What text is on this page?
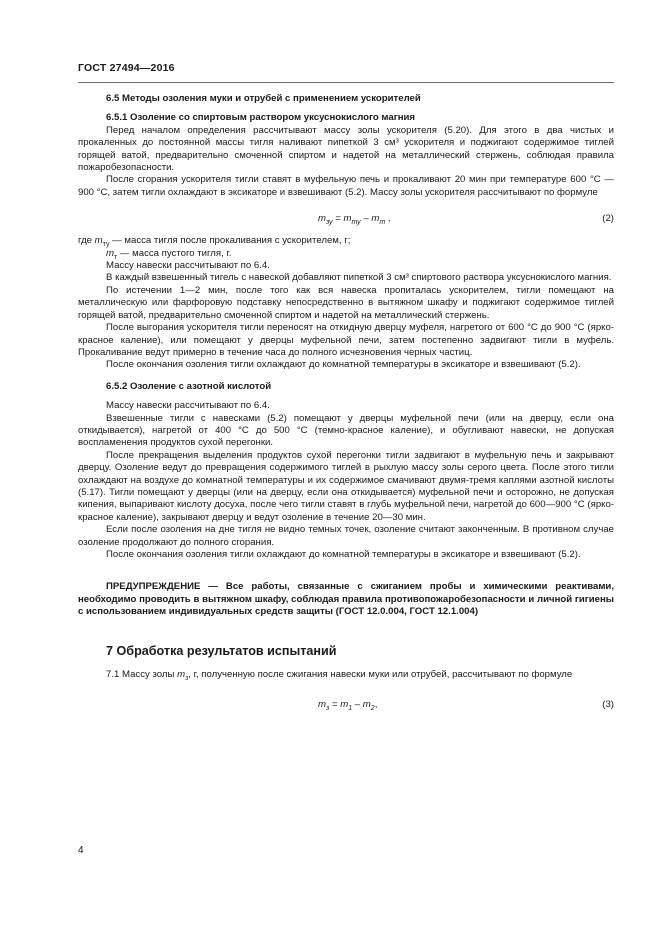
ГОСТ 27494—2016

6.5 Методы озоления муки и отрубей с применением ускорителей

6.5.1 Озоление со спиртовым раствором уксуснокислого магния

Перед началом определения рассчитывают массу золы ускорителя (5.20). Для этого в два чистых и прокаленных до постоянной массы тигля наливают пипеткой 3 см³ ускорителя и поджигают содержимое тиглей горящей ватой, предварительно смоченной спиртом и надетой на металлический стержень, соблюдая правила пожаробезопасности.

После сгорания ускорителя тигли ставят в муфельную печь и прокаливают 20 мин при температуре 600 °C — 900 °C, затем тигли охлаждают в эксикаторе и взвешивают (5.2). Массу золы ускорителя рассчитывают по формуле

$m_{зу} = m_{ту} - m_т$ ,	(2)

где $m_{ту}$ — масса тигля после прокаливания с ускорителем, г;

$m_т$ — масса пустого тигля, г.

Массу навески рассчитывают по 6.4.

В каждый взвешенный тигель с навеской добавляют пипеткой 3 см³ спиртового раствора уксуснокислого магния.

По истечении 1—2 мин, после того как вся навеска пропиталась ускорителем, тигли помещают на металлическую или фарфоровую подставку непосредственно в вытяжном шкафу и поджигают содержимое тиглей горящей ватой, предварительно смоченной спиртом и надетой на металлический стержень.

После выгорания ускорителя тигли переносят на откидную дверцу муфеля, нагретого от 600 °C до 900 °C (ярко-красное каление), или помещают у дверцы муфельной печи, затем постепенно задвигают тигли в муфель. Прокаливание ведут примерно в течение часа до полного исчезновения черных частиц.

После окончания озоления тигли охлаждают до комнатной температуры в эксикаторе и взвешивают (5.2).

6.5.2 Озоление с азотной кислотой

Массу навески рассчитывают по 6.4.

Взвешенные тигли с навесками (5.2) помещают у дверцы муфельной печи (или на дверцу, если она откидывается), нагретой от 400 °C до 500 °C (темно-красное каление), и обугливают навески, не допуская воспламенения продуктов сухой перегонки.

После прекращения выделения продуктов сухой перегонки тигли задвигают в муфельную печь и закрывают дверцу. Озоление ведут до превращения содержимого тиглей в рыхлую массу золы серого цвета. После этого тигли охлаждают на воздухе до комнатной температуры и их содержимое смачивают двумя-тремя каплями азотной кислоты (5.17). Тигли помещают у дверцы (или на дверцу, если она откидывается) муфельной печи и осторожно, не допуская кипения, выпаривают кислоту досуха, после чего тигли ставят в глубь муфельной печи, нагретой до 600—900 °C (ярко-красное каление), закрывают дверцу и ведут озоление в течение 20—30 мин.

Если после озоления на дне тигля не видно темных точек, озоление считают законченным. В противном случае озоление продолжают до полного сгорания.

После окончания озоления тигли охлаждают до комнатной температуры в эксикаторе и взвешивают (5.2).

ПРЕДУПРЕЖДЕНИЕ — Все работы, связанные с сжиганием пробы и химическими реактивами, необходимо проводить в вытяжном шкафу, соблюдая правила противопожаробезопасности и личной гигиены с использованием индивидуальных средств защиты (ГОСТ 12.0.004, ГОСТ 12.1.004)

7 Обработка результатов испытаний

7.1 Массу золы $m_з$, г, полученную после сжигания навески муки или отрубей, рассчитывают по формуле

$m_з = m_1 - m_2$,	(3)
4
